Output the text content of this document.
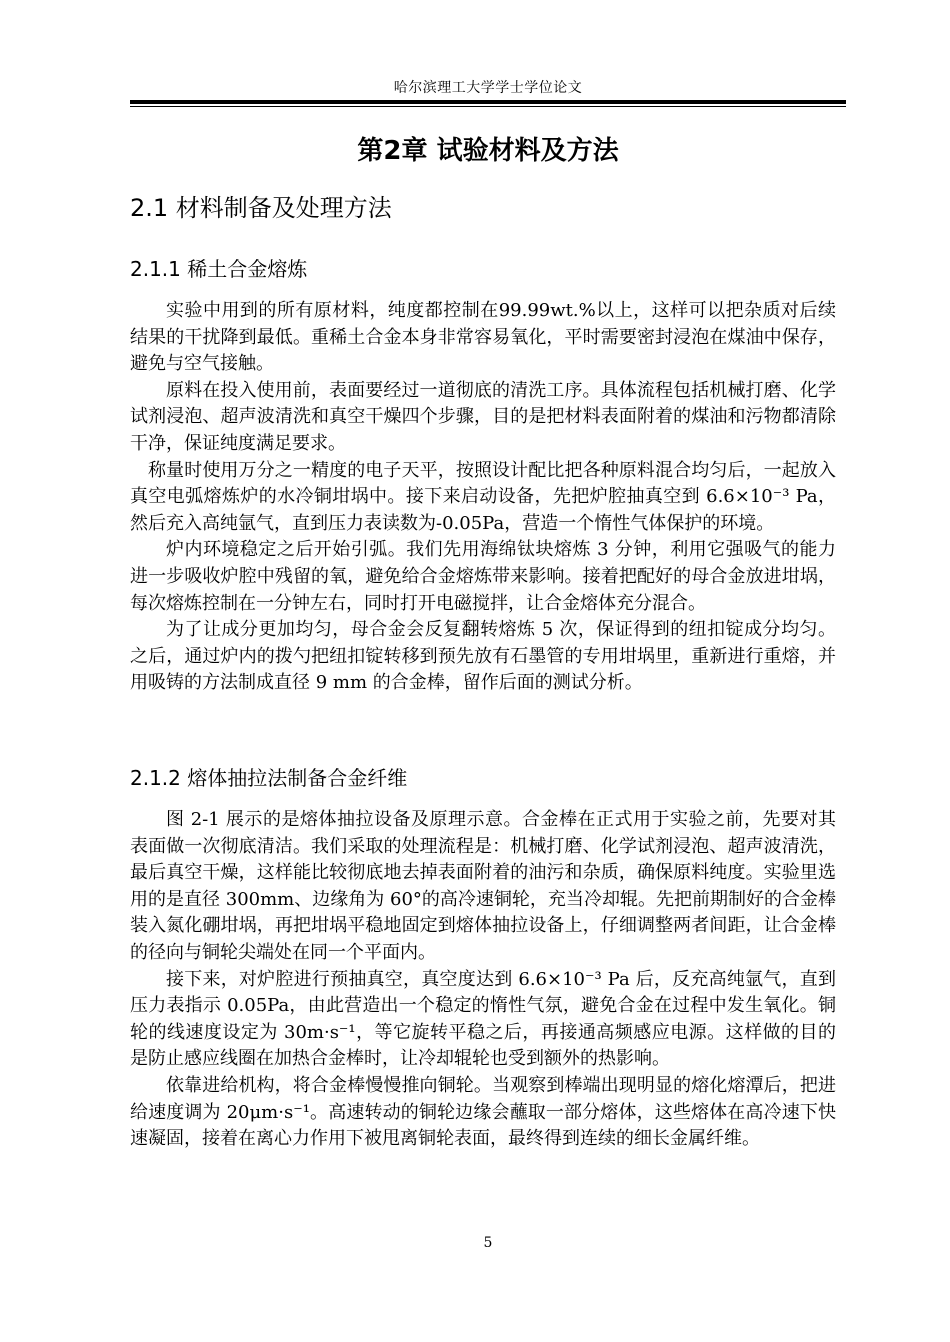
哈尔滨理工大学学士学位论文
第2章 试验材料及方法
2.1 材料制备及处理方法
2.1.1 稀土合金熔炼

实验中用到的所有原材料，纯度都控制在99.99wt.%以上，这样可以把杂质对后续结果的干扰降到最低。重稀土合金本身非常容易氧化，平时需要密封浸泡在煤油中保存，避免与空气接触。

原料在投入使用前，表面要经过一道彻底的清洗工序。具体流程包括机械打磨、化学试剂浸泡、超声波清洗和真空干燥四个步骤，目的是把材料表面附着的煤油和污物都清除干净，保证纯度满足要求。

称量时使用万分之一精度的电子天平，按照设计配比把各种原料混合均匀后，一起放入真空电弧熔炼炉的水冷铜坩埚中。接下来启动设备，先把炉腔抽真空到 6.6×10⁻³ Pa，然后充入高纯氩气，直到压力表读数为-0.05Pa，营造一个惰性气体保护的环境。

炉内环境稳定之后开始引弧。我们先用海绵钛块熔炼 3 分钟，利用它强吸气的能力进一步吸收炉腔中残留的氧，避免给合金熔炼带来影响。接着把配好的母合金放进坩埚，每次熔炼控制在一分钟左右，同时打开电磁搅拌，让合金熔体充分混合。

为了让成分更加均匀，母合金会反复翻转熔炼 5 次，保证得到的纽扣锭成分均匀。之后，通过炉内的拨勺把纽扣锭转移到预先放有石墨管的专用坩埚里，重新进行重熔，并用吸铸的方法制成直径 9 mm 的合金棒，留作后面的测试分析。

2.1.2 熔体抽拉法制备合金纤维

图 2-1 展示的是熔体抽拉设备及原理示意。合金棒在正式用于实验之前，先要对其表面做一次彻底清洁。我们采取的处理流程是：机械打磨、化学试剂浸泡、超声波清洗，最后真空干燥，这样能比较彻底地去掉表面附着的油污和杂质，确保原料纯度。实验里选用的是直径 300mm、边缘角为 60°的高冷速铜轮，充当冷却辊。先把前期制好的合金棒装入氮化硼坩埚，再把坩埚平稳地固定到熔体抽拉设备上，仔细调整两者间距，让合金棒的径向与铜轮尖端处在同一个平面内。

接下来，对炉腔进行预抽真空，真空度达到 6.6×10⁻³ Pa 后，反充高纯氩气，直到压力表指示 0.05Pa，由此营造出一个稳定的惰性气氛，避免合金在过程中发生氧化。铜轮的线速度设定为 30m·s⁻¹，等它旋转平稳之后，再接通高频感应电源。这样做的目的是防止感应线圈在加热合金棒时，让冷却辊轮也受到额外的热影响。

依靠进给机构，将合金棒慢慢推向铜轮。当观察到棒端出现明显的熔化熔潭后，把进给速度调为 20μm·s⁻¹。高速转动的铜轮边缘会蘸取一部分熔体，这些熔体在高冷速下快速凝固，接着在离心力作用下被甩离铜轮表面，最终得到连续的细长金属纤维。

5
